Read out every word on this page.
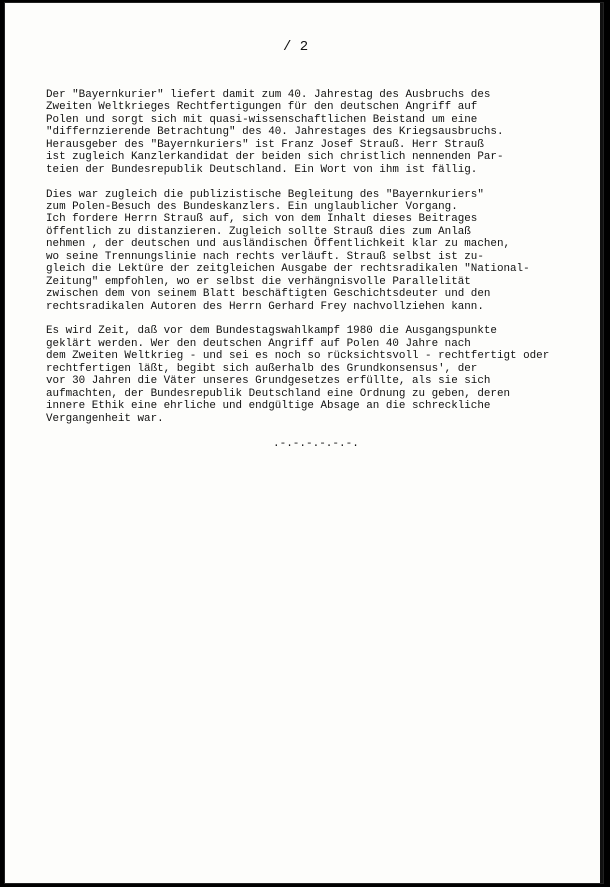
/ 2

Der "Bayernkurier" liefert damit zum 40. Jahrestag des Ausbruchs des
Zweiten Weltkrieges Rechtfertigungen für den deutschen Angriff auf
Polen und sorgt sich mit quasi-wissenschaftlichen Beistand um eine
"differnzierende Betrachtung" des 40. Jahrestages des Kriegsausbruchs.
Herausgeber des "Bayernkuriers" ist Franz Josef Strauß. Herr Strauß
ist zugleich Kanzlerkandidat der beiden sich christlich nennenden Par-
teien der Bundesrepublik Deutschland. Ein Wort von ihm ist fällig.

Dies war zugleich die publizistische Begleitung des "Bayernkuriers"
zum Polen-Besuch des Bundeskanzlers. Ein unglaublicher Vorgang.
Ich fordere Herrn Strauß auf, sich von dem Inhalt dieses Beitrages
öffentlich zu distanzieren. Zugleich sollte Strauß dies zum Anlaß
nehmen , der deutschen und ausländischen Öffentlichkeit klar zu machen,
wo seine Trennungslinie nach rechts verläuft. Strauß selbst ist zu-
gleich die Lektüre der zeitgleichen Ausgabe der rechtsradikalen "National-
Zeitung" empfohlen, wo er selbst die verhängnisvolle Parallelität
zwischen dem von seinem Blatt beschäftigten Geschichtsdeuter und den
rechtsradikalen Autoren des Herrn Gerhard Frey nachvollziehen kann.

Es wird Zeit, daß vor dem Bundestagswahlkampf 1980 die Ausgangspunkte
geklärt werden. Wer den deutschen Angriff auf Polen 40 Jahre nach
dem Zweiten Weltkrieg - und sei es noch so rücksichtsvoll - rechtfertigt oder
rechtfertigen läßt, begibt sich außerhalb des Grundkonsensus', der
vor 30 Jahren die Väter unseres Grundgesetzes erfüllte, als sie sich
aufmachten, der Bundesrepublik Deutschland eine Ordnung zu geben, deren
innere Ethik eine ehrliche und endgültige Absage an die schreckliche
Vergangenheit war.

.-.-.-.-.-.-.
